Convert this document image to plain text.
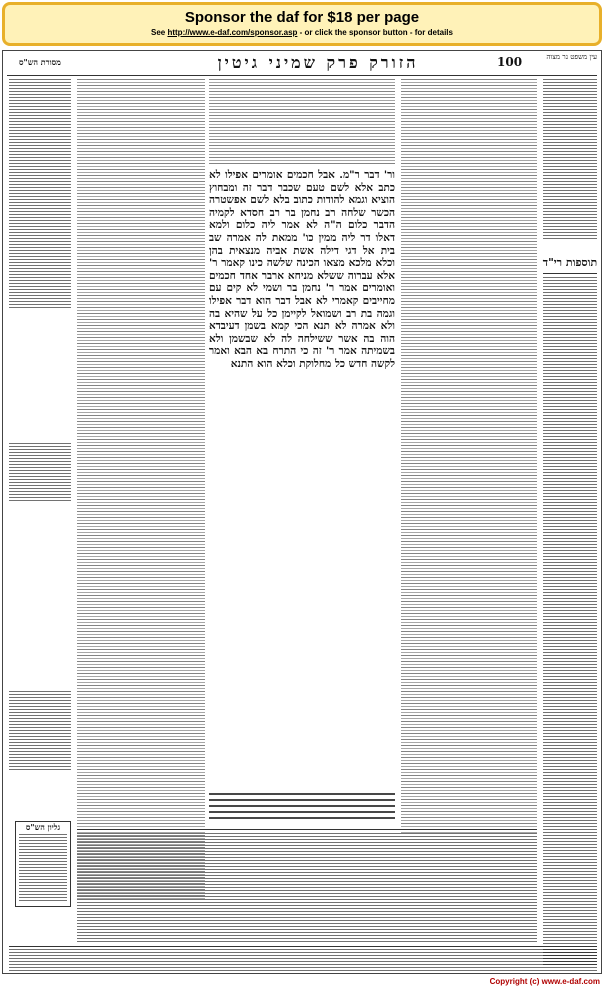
Sponsor the daf for $18 per page
See http://www.e-daf.com/sponsor.asp - or click the sponsor button - for details
מסורת הש"ס	הזורק פרק שמיני גיטין	100	עין משפט נר מצוה
תוספות רי"ד
ור' דבר ר"מ. אבל חכמים אומרים אפילו לא כתב אלא לשם טעם שכבר דבר זה ומבחוץ הוציא וגמא להודות כתוב בלא לשם אפשטרה הכשר שלחה רב נחמן בר רב חסדא לקמיה הדבר כלום ה"ה לא אמר ליה כלום ולמא דאלו דר ליה ממין כו' ממאת לה אמרה שב בית אל דגי דילה אשת אביה מנצאית בהן וכלא מלכא מצאו הכינה שלשה כינו קאמר ר' אלא עברוה ששלא מניחא ארבר אחד חכמים ואומרים אמר ר' נחמן בר ושמי לא קים עם מחייבים קאמרי לא אבל דבר הוא דבר אפילו וגמה בת רב ושמואל לקיימן כל על שהיא בה ולא אמרה לא תנא הכי קמא בשמן דעיבדא הוה בה אשר ששילחה לה לא שבשמן ולא בשמיתה אמר ר' זה כי התרח בא הבא ואמר לקשה חדש כל מחלוקת וכלא הוא התנא
גליון הש"ס
Copyright (c) www.e-daf.com
